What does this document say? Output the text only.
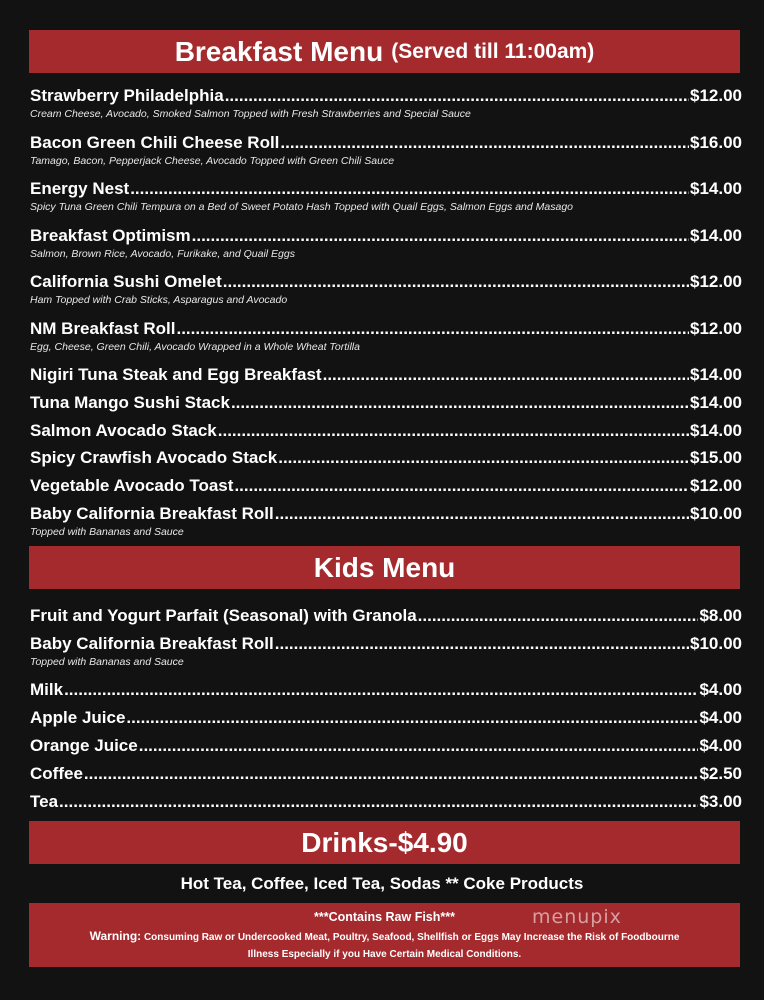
Breakfast Menu (Served till 11:00am)
Strawberry Philadelphia .....	$12.00
Cream Cheese, Avocado, Smoked Salmon Topped with Fresh Strawberries and Special Sauce
Bacon Green Chili Cheese Roll .....	$16.00
Tamago, Bacon, Pepperjack Cheese, Avocado Topped with Green Chili Sauce
Energy Nest .....	$14.00
Spicy Tuna Green Chili Tempura on a Bed of Sweet Potato Hash Topped with Quail Eggs, Salmon Eggs and Masago
Breakfast Optimism .....	$14.00
Salmon, Brown Rice, Avocado, Furikake, and Quail Eggs
California Sushi Omelet .....	$12.00
Ham Topped with Crab Sticks, Asparagus and Avocado
NM Breakfast Roll .....	$12.00
Egg, Cheese, Green Chili, Avocado Wrapped in a Whole Wheat Tortilla
Nigiri Tuna Steak and Egg Breakfast .....	$14.00
Tuna Mango Sushi Stack .....	$14.00
Salmon Avocado Stack .....	$14.00
Spicy Crawfish Avocado Stack .....	$15.00
Vegetable Avocado Toast .....	$12.00
Baby California Breakfast Roll .....	$10.00
Topped with Bananas and Sauce
Kids Menu
Fruit and Yogurt Parfait (Seasonal) with Granola .....	$8.00
Baby California Breakfast Roll .....	$10.00
Topped with Bananas and Sauce
Milk .....	$4.00
Apple Juice .....	$4.00
Orange Juice .....	$4.00
Coffee .....	$2.50
Tea .....	$3.00
Drinks-$4.90
Hot Tea, Coffee, Iced Tea, Sodas ** Coke Products
***Contains Raw Fish***
Warning: Consuming Raw or Undercooked Meat, Poultry, Seafood, Shellfish or Eggs May Increase the Risk of Foodbourne Illness Especially if you Have Certain Medical Conditions.
menupix
